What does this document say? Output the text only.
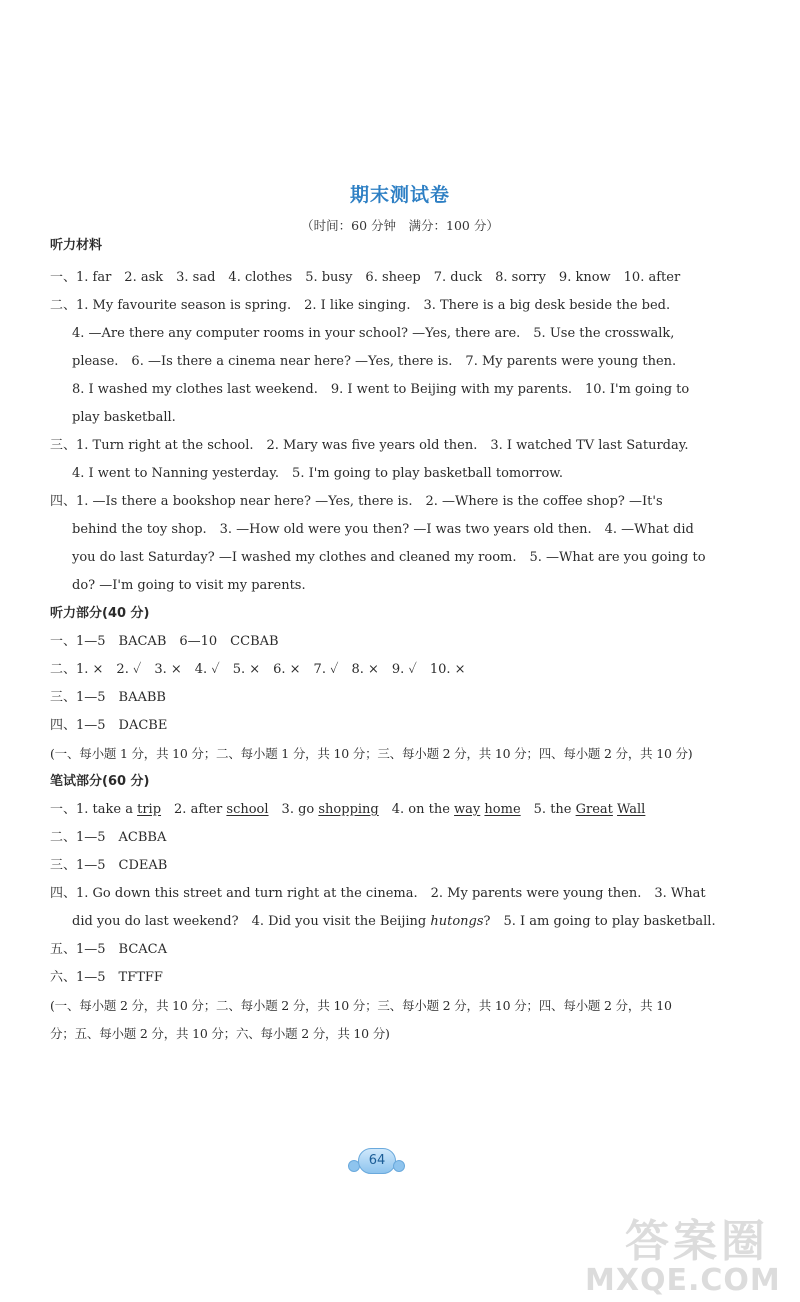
期末测试卷
（时间：60 分钟　满分：100 分）
听力材料
一、1. far　2. ask　3. sad　4. clothes　5. busy　6. sheep　7. duck　8. sorry　9. know　10. after
二、1. My favourite season is spring.　2. I like singing.　3. There is a big desk beside the bed.
4. —Are there any computer rooms in your school? —Yes, there are.　5. Use the crosswalk,
please.　6. —Is there a cinema near here? —Yes, there is.　7. My parents were young then.
8. I washed my clothes last weekend.　9. I went to Beijing with my parents.　10. I'm going to
play basketball.
三、1. Turn right at the school.　2. Mary was five years old then.　3. I watched TV last Saturday.
4. I went to Nanning yesterday.　5. I'm going to play basketball tomorrow.
四、1. —Is there a bookshop near here? —Yes, there is.　2. —Where is the coffee shop? —It's
behind the toy shop.　3. —How old were you then? —I was two years old then.　4. —What did
you do last Saturday? —I washed my clothes and cleaned my room.　5. —What are you going to
do? —I'm going to visit my parents.
听力部分(40 分)
一、1—5　BACAB　6—10　CCBAB
二、1. ×　2. ✓　3. ×　4. ✓　5. ×　6. ×　7. ✓　8. ×　9. ✓　10. ×
三、1—5　BAABB
四、1—5　DACBE
(一、每小题 1 分，共 10 分；二、每小题 1 分，共 10 分；三、每小题 2 分，共 10 分；四、每小题 2 分，共 10 分)
笔试部分(60 分)
一、1. take a trip　2. after school　3. go shopping　4. on the way home　5. the Great Wall
二、1—5　ACBBA
三、1—5　CDEAB
四、1. Go down this street and turn right at the cinema.　2. My parents were young then.　3. What
did you do last weekend?　4. Did you visit the Beijing hutongs?　5. I am going to play basketball.
五、1—5　BCACA
六、1—5　TFTFF
(一、每小题 2 分，共 10 分；二、每小题 2 分，共 10 分；三、每小题 2 分，共 10 分；四、每小题 2 分，共 10
分；五、每小题 2 分，共 10 分；六、每小题 2 分，共 10 分)
64
答案圈
MXQE.COM
